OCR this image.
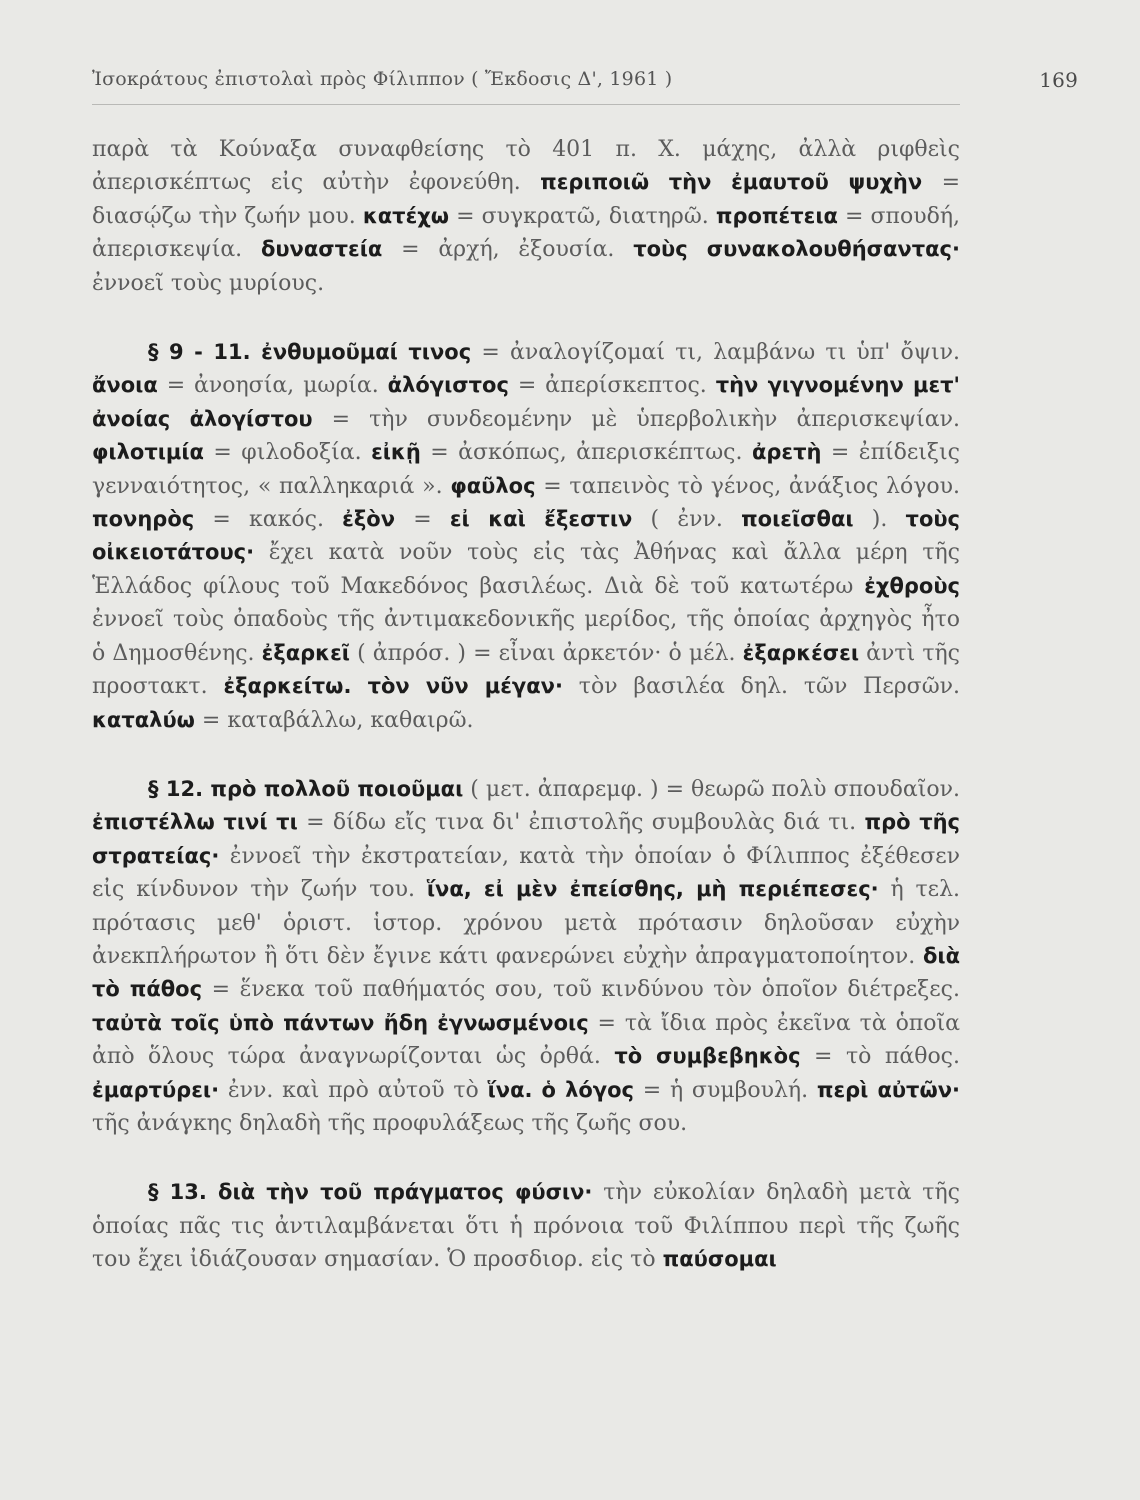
Ἰσοκράτους ἐπιστολαὶ πρὸς Φίλιππον ( Ἔκδοσις Δ', 1961 )	169

παρὰ τὰ Κούναξα συναφθείσης τὸ 401 π. Χ. μάχης, ἀλλὰ ριφθεὶς ἀπερισκέπτως εἰς αὐτὴν ἐφονεύθη. περιποιῶ τὴν ἐμαυτοῦ ψυχὴν = διασῴζω τὴν ζωήν μου. κατέχω = συγκρατῶ, διατηρῶ. προπέτεια = σπουδή, ἀπερισκεψία. δυναστεία = ἀρχή, ἐξουσία. τοὺς συνακολουθήσαντας· ἐννοεῖ τοὺς μυρίους.

§ 9 - 11. ἐνθυμοῦμαί τινος = ἀναλογίζομαί τι, λαμβάνω τι ὑπ' ὄψιν. ἄνοια = ἀνοησία, μωρία. ἀλόγιστος = ἀπερίσκεπτος. τὴν γιγνομένην μετ' ἀνοίας ἀλογίστου = τὴν συνδεομένην μὲ ὑπερβολικὴν ἀπερισκεψίαν. φιλοτιμία = φιλοδοξία. εἰκῇ = ἀσκόπως, ἀπερισκέπτως. ἀρετὴ = ἐπίδειξις γενναιότητος, « παλληκαριά ». φαῦλος = ταπεινὸς τὸ γένος, ἀνάξιος λόγου. πονηρὸς = κακός. ἐξὸν = εἰ καὶ ἔξεστιν ( ἐνν. ποιεῖσθαι ). τοὺς οἰκειοτάτους· ἔχει κατὰ νοῦν τοὺς εἰς τὰς Ἀθήνας καὶ ἄλλα μέρη τῆς Ἑλλάδος φίλους τοῦ Μακεδόνος βασιλέως. Διὰ δὲ τοῦ κατωτέρω ἐχθροὺς ἐννοεῖ τοὺς ὀπαδοὺς τῆς ἀντιμακεδονικῆς μερίδος, τῆς ὁποίας ἀρχηγὸς ἦτο ὁ Δημοσθένης. ἐξαρκεῖ ( ἀπρόσ. ) = εἶναι ἀρκετόν· ὁ μέλ. ἐξαρκέσει ἀντὶ τῆς προστακτ. ἐξαρκείτω. τὸν νῦν μέγαν· τὸν βασιλέα δηλ. τῶν Περσῶν. καταλύω = καταβάλλω, καθαιρῶ.

§ 12. πρὸ πολλοῦ ποιοῦμαι ( μετ. ἀπαρεμφ. ) = θεωρῶ πολὺ σπουδαῖον. ἐπιστέλλω τινί τι = δίδω εἴς τινα δι' ἐπιστολῆς συμβουλὰς διά τι. πρὸ τῆς στρατείας· ἐννοεῖ τὴν ἐκστρατείαν, κατὰ τὴν ὁποίαν ὁ Φίλιππος ἐξέθεσεν εἰς κίνδυνον τὴν ζωήν του. ἵνα, εἰ μὲν ἐπείσθης, μὴ περιέπεσες· ἡ τελ. πρότασις μεθ' ὁριστ. ἱστορ. χρόνου μετὰ πρότασιν δηλοῦσαν εὐχὴν ἀνεκπλήρωτον ἢ ὅτι δὲν ἔγινε κάτι φανερώνει εὐχὴν ἀπραγματοποίητον. διὰ τὸ πάθος = ἕνεκα τοῦ παθήματός σου, τοῦ κινδύνου τὸν ὁποῖον διέτρεξες. ταὐτὰ τοῖς ὑπὸ πάντων ἤδη ἐγνωσμένοις = τὰ ἴδια πρὸς ἐκεῖνα τὰ ὁποῖα ἀπὸ ὅλους τώρα ἀναγνωρίζονται ὡς ὀρθά. τὸ συμβεβηκὸς = τὸ πάθος. ἐμαρτύρει· ἐνν. καὶ πρὸ αὐτοῦ τὸ ἵνα. ὁ λόγος = ἡ συμβουλή. περὶ αὐτῶν· τῆς ἀνάγκης δηλαδὴ τῆς προφυλάξεως τῆς ζωῆς σου.

§ 13. διὰ τὴν τοῦ πράγματος φύσιν· τὴν εὐκολίαν δηλαδὴ μετὰ τῆς ὁποίας πᾶς τις ἀντιλαμβάνεται ὅτι ἡ πρόνοια τοῦ Φιλίππου περὶ τῆς ζωῆς του ἔχει ἰδιάζουσαν σημασίαν. Ὁ προσδιορ. εἰς τὸ παύσομαι
